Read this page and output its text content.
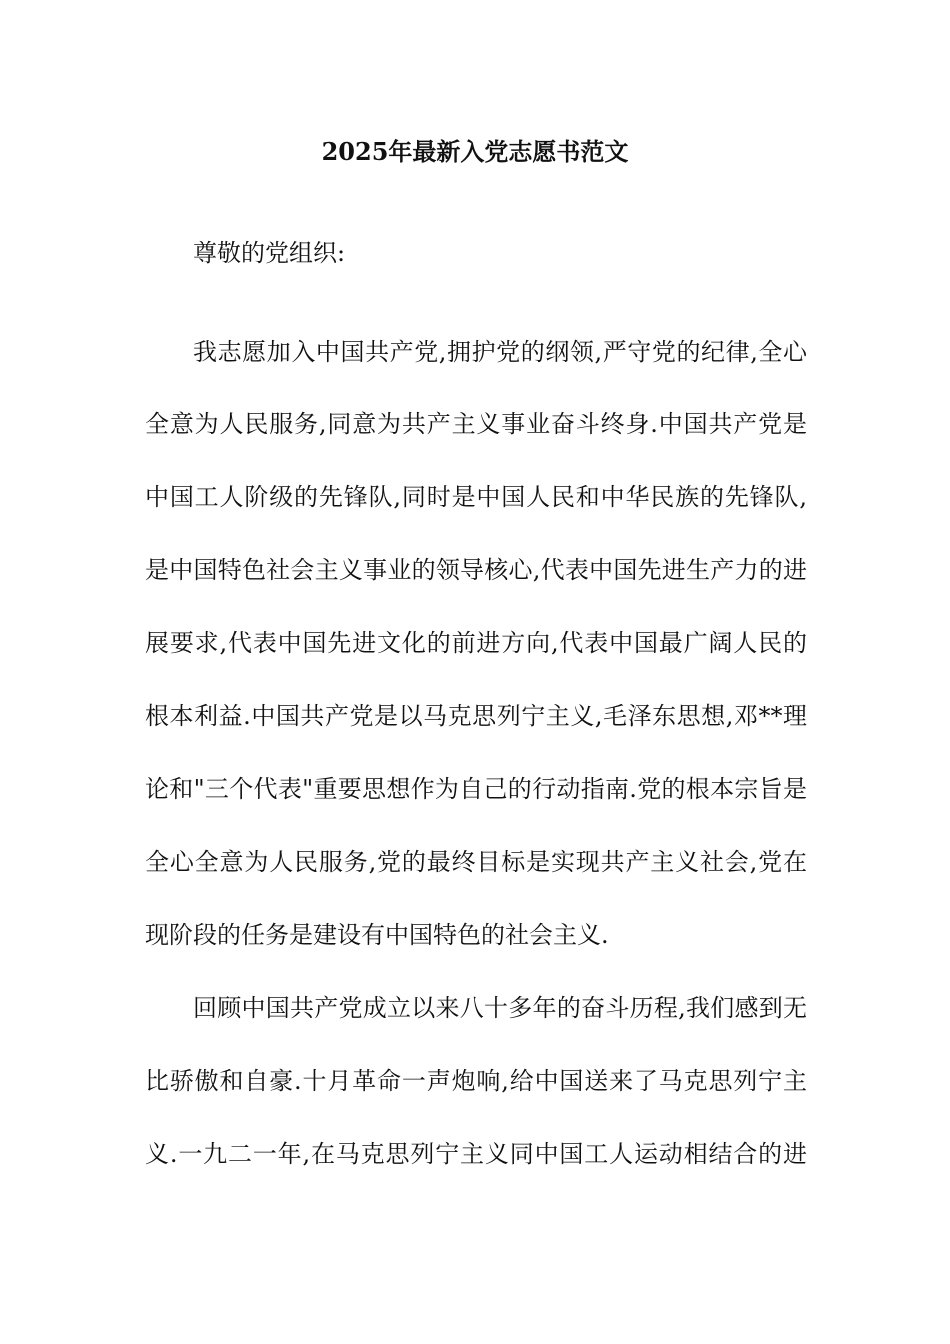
2025年最新入党志愿书范文
尊敬的党组织:
我志愿加入中国共产党,拥护党的纲领,严守党的纪律,全心
全意为人民服务,同意为共产主义事业奋斗终身.中国共产党是
中国工人阶级的先锋队,同时是中国人民和中华民族的先锋队,
是中国特色社会主义事业的领导核心,代表中国先进生产力的进
展要求,代表中国先进文化的前进方向,代表中国最广阔人民的
根本利益.中国共产党是以马克思列宁主义,毛泽东思想,邓**理
论和"三个代表"重要思想作为自己的行动指南.党的根本宗旨是
全心全意为人民服务,党的最终目标是实现共产主义社会,党在
现阶段的任务是建设有中国特色的社会主义.
回顾中国共产党成立以来八十多年的奋斗历程,我们感到无
比骄傲和自豪.十月革命一声炮响,给中国送来了马克思列宁主
义.一九二一年,在马克思列宁主义同中国工人运动相结合的进
